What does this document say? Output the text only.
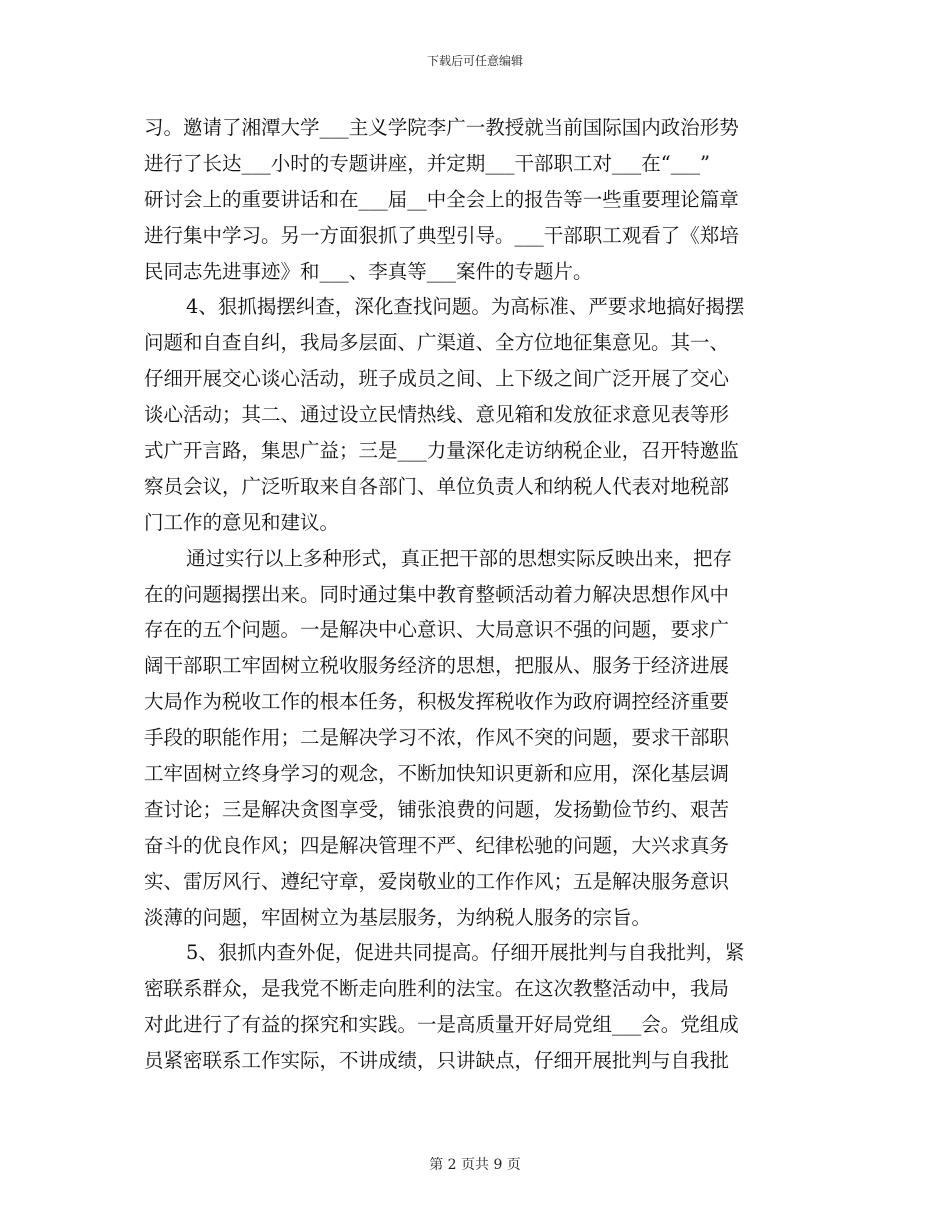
下载后可任意编辑
习。邀请了湘潭大学___主义学院李广一教授就当前国际国内政治形势
进行了长达___小时的专题讲座，并定期___干部职工对___在“___”
研讨会上的重要讲话和在___届__中全会上的报告等一些重要理论篇章
进行集中学习。另一方面狠抓了典型引导。___干部职工观看了《郑培
民同志先进事迹》和___、李真等___案件的专题片。
4、狠抓揭摆纠查，深化查找问题。为高标准、严要求地搞好揭摆
问题和自查自纠，我局多层面、广渠道、全方位地征集意见。其一、
仔细开展交心谈心活动，班子成员之间、上下级之间广泛开展了交心
谈心活动；其二、通过设立民情热线、意见箱和发放征求意见表等形
式广开言路，集思广益；三是___力量深化走访纳税企业，召开特邀监
察员会议，广泛听取来自各部门、单位负责人和纳税人代表对地税部
门工作的意见和建议。
通过实行以上多种形式，真正把干部的思想实际反映出来，把存
在的问题揭摆出来。同时通过集中教育整顿活动着力解决思想作风中
存在的五个问题。一是解决中心意识、大局意识不强的问题，要求广
阔干部职工牢固树立税收服务经济的思想，把服从、服务于经济进展
大局作为税收工作的根本任务，积极发挥税收作为政府调控经济重要
手段的职能作用；二是解决学习不浓，作风不突的问题，要求干部职
工牢固树立终身学习的观念，不断加快知识更新和应用，深化基层调
查讨论；三是解决贪图享受，铺张浪费的问题，发扬勤俭节约、艰苦
奋斗的优良作风；四是解决管理不严、纪律松驰的问题，大兴求真务
实、雷厉风行、遵纪守章，爱岗敬业的工作作风；五是解决服务意识
淡薄的问题，牢固树立为基层服务，为纳税人服务的宗旨。
5、狠抓内查外促，促进共同提高。仔细开展批判与自我批判，紧
密联系群众，是我党不断走向胜利的法宝。在这次教整活动中，我局
对此进行了有益的探究和实践。一是高质量开好局党组___会。党组成
员紧密联系工作实际，不讲成绩，只讲缺点，仔细开展批判与自我批
第 2 页共 9 页
